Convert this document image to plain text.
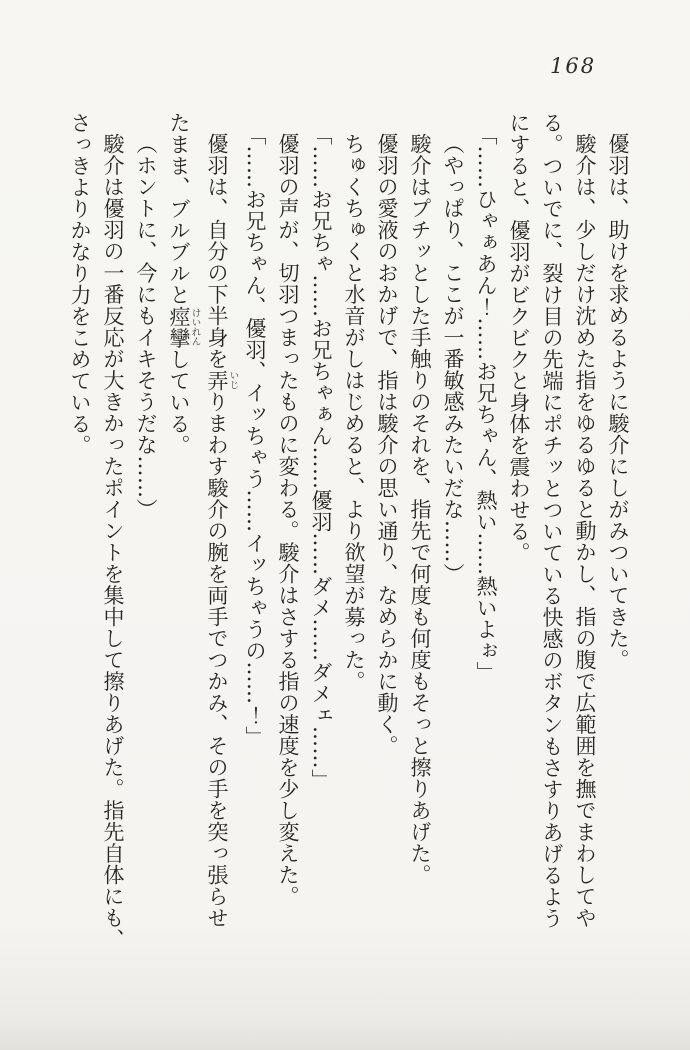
168
優羽は、助けを求めるように駿介にしがみついてきた。
駿介は、少しだけ沈めた指をゆるゆると動かし、指の腹で広範囲を撫でまわしてや
る。ついでに、裂け目の先端にポチッとついている快感のボタンもさすりあげるよう
にすると、優羽がビクビクと身体を震わせる。
「……ひゃぁあん！……お兄ちゃん、熱い……熱いよぉ」
（やっぱり、ここが一番敏感みたいだな……）
駿介はプチッとした手触りのそれを、指先で何度も何度もそっと擦りあげた。
優羽の愛液のおかげで、指は駿介の思い通り、なめらかに動く。
ちゅくちゅくと水音がしはじめると、より欲望が募った。
「……お兄ちゃ……お兄ちゃぁん……優羽……ダメ……ダメェ……」
優羽の声が、切羽つまったものに変わる。駿介はさする指の速度を少し変えた。
「……お兄ちゃん、優羽、イッちゃう……イッちゃうの……！」
優羽は、自分の下半身を弄いじりまわす駿介の腕を両手でつかみ、その手を突っ張らせ
たまま、ブルブルと痙攣けいれんしている。
（ホントに、今にもイキそうだな……）
駿介は優羽の一番反応が大きかったポイントを集中して擦りあげた。指先自体にも、
さっきよりかなり力をこめている。
